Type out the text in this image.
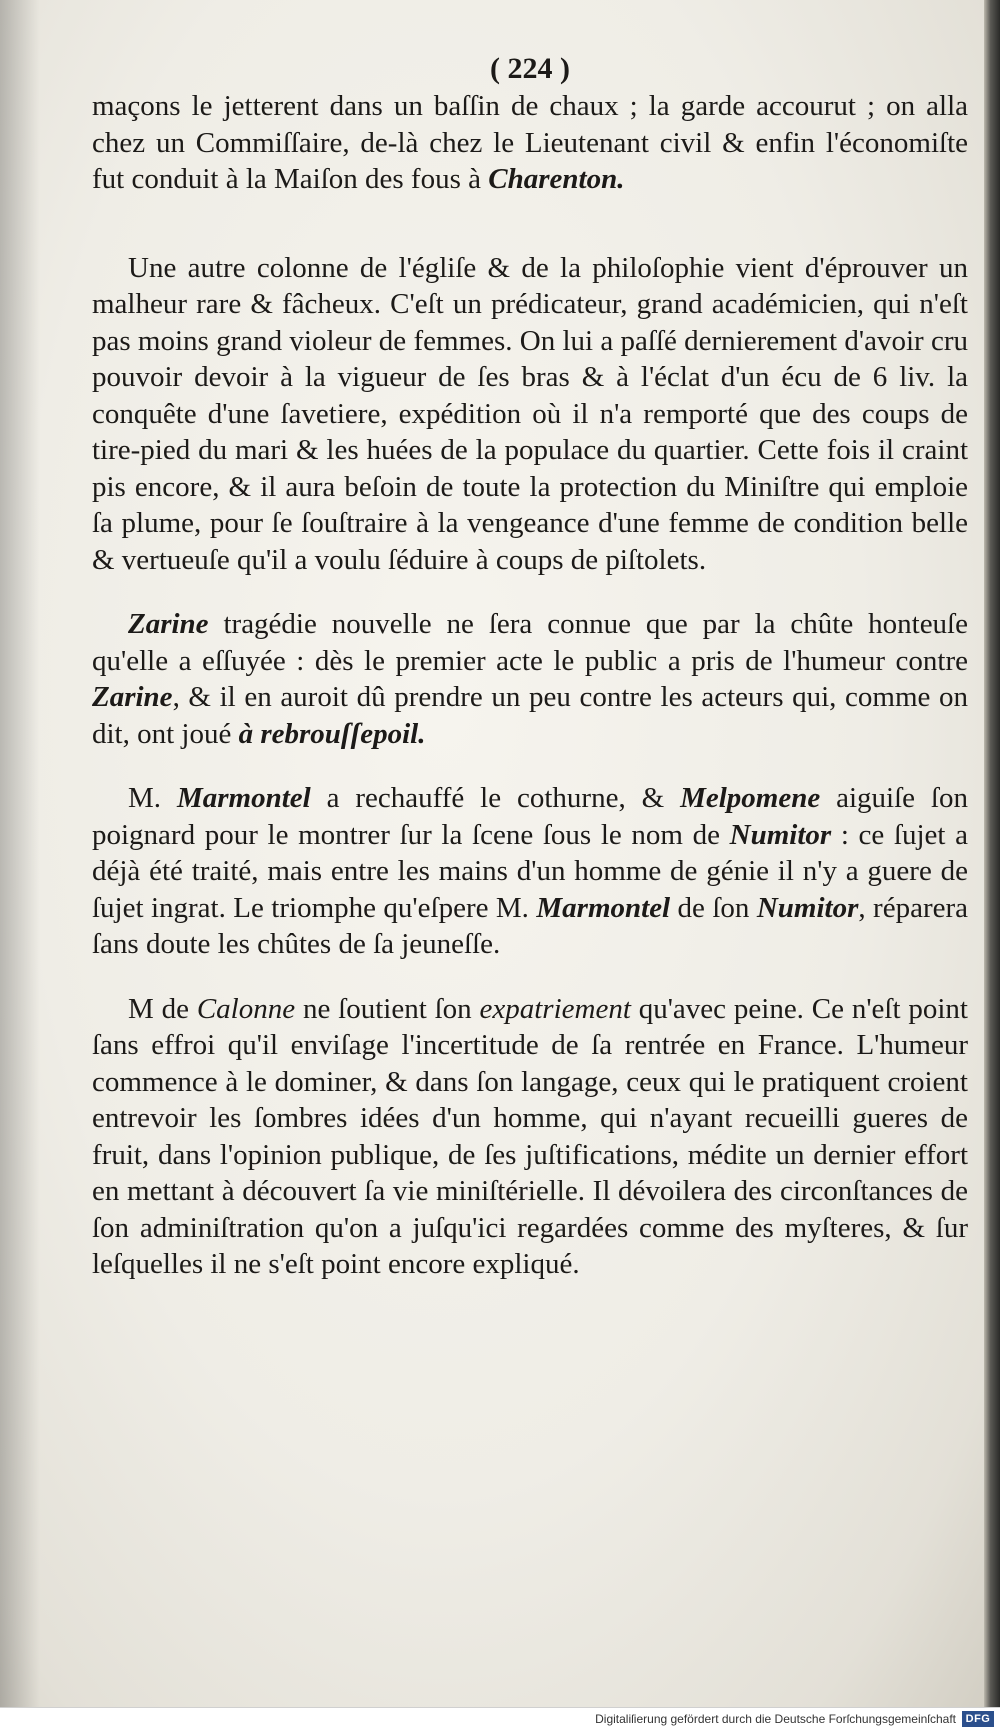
( 224 )

maçons le jetterent dans un baſſin de chaux ; la garde accourut ; on alla chez un Commiſſaire, de-là chez le Lieutenant civil & enfin l'économiſte fut conduit à la Maiſon des fous à Charenton.

Une autre colonne de l'égliſe & de la philoſophie vient d'éprouver un malheur rare & fâcheux. C'eſt un prédicateur, grand académicien, qui n'eſt pas moins grand violeur de femmes. On lui a paſſé dernierement d'avoir cru pouvoir devoir à la vigueur de ſes bras & à l'éclat d'un écu de 6 liv. la conquête d'une ſavetiere, expédition où il n'a remporté que des coups de tire-pied du mari & les huées de la populace du quartier. Cette fois il craint pis encore, & il aura beſoin de toute la protection du Miniſtre qui emploie ſa plume, pour ſe ſouſtraire à la vengeance d'une femme de condition belle & vertueuſe qu'il a voulu ſéduire à coups de piſtolets.

Zarine tragédie nouvelle ne ſera connue que par la chûte honteuſe qu'elle a eſſuyée : dès le premier acte le public a pris de l'humeur contre Zarine, & il en auroit dû prendre un peu contre les acteurs qui, comme on dit, ont joué à rebrouſſepoil.

M. Marmontel a rechauffé le cothurne, & Melpomene aiguiſe ſon poignard pour le montrer ſur la ſcene ſous le nom de Numitor : ce ſujet a déjà été traité, mais entre les mains d'un homme de génie il n'y a guere de ſujet ingrat. Le triomphe qu'eſpere M. Marmontel de ſon Numitor, réparera ſans doute les chûtes de ſa jeuneſſe.

M de Calonne ne ſoutient ſon expatriement qu'avec peine. Ce n'eſt point ſans effroi qu'il enviſage l'incertitude de ſa rentrée en France. L'humeur commence à le dominer, & dans ſon langage, ceux qui le pratiquent croient entrevoir les ſombres idées d'un homme, qui n'ayant recueilli gueres de fruit, dans l'opinion publique, de ſes juſtifications, médite un dernier effort en mettant à découvert ſa vie miniſtérielle. Il dévoilera des circonſtances de ſon adminiſtration qu'on a juſqu'ici regardées comme des myſteres, & ſur leſquelles il ne s'eſt point encore expliqué.

Digitaliſierung gefördert durch die Deutsche Forſchungsgemeinſchaft DFG
